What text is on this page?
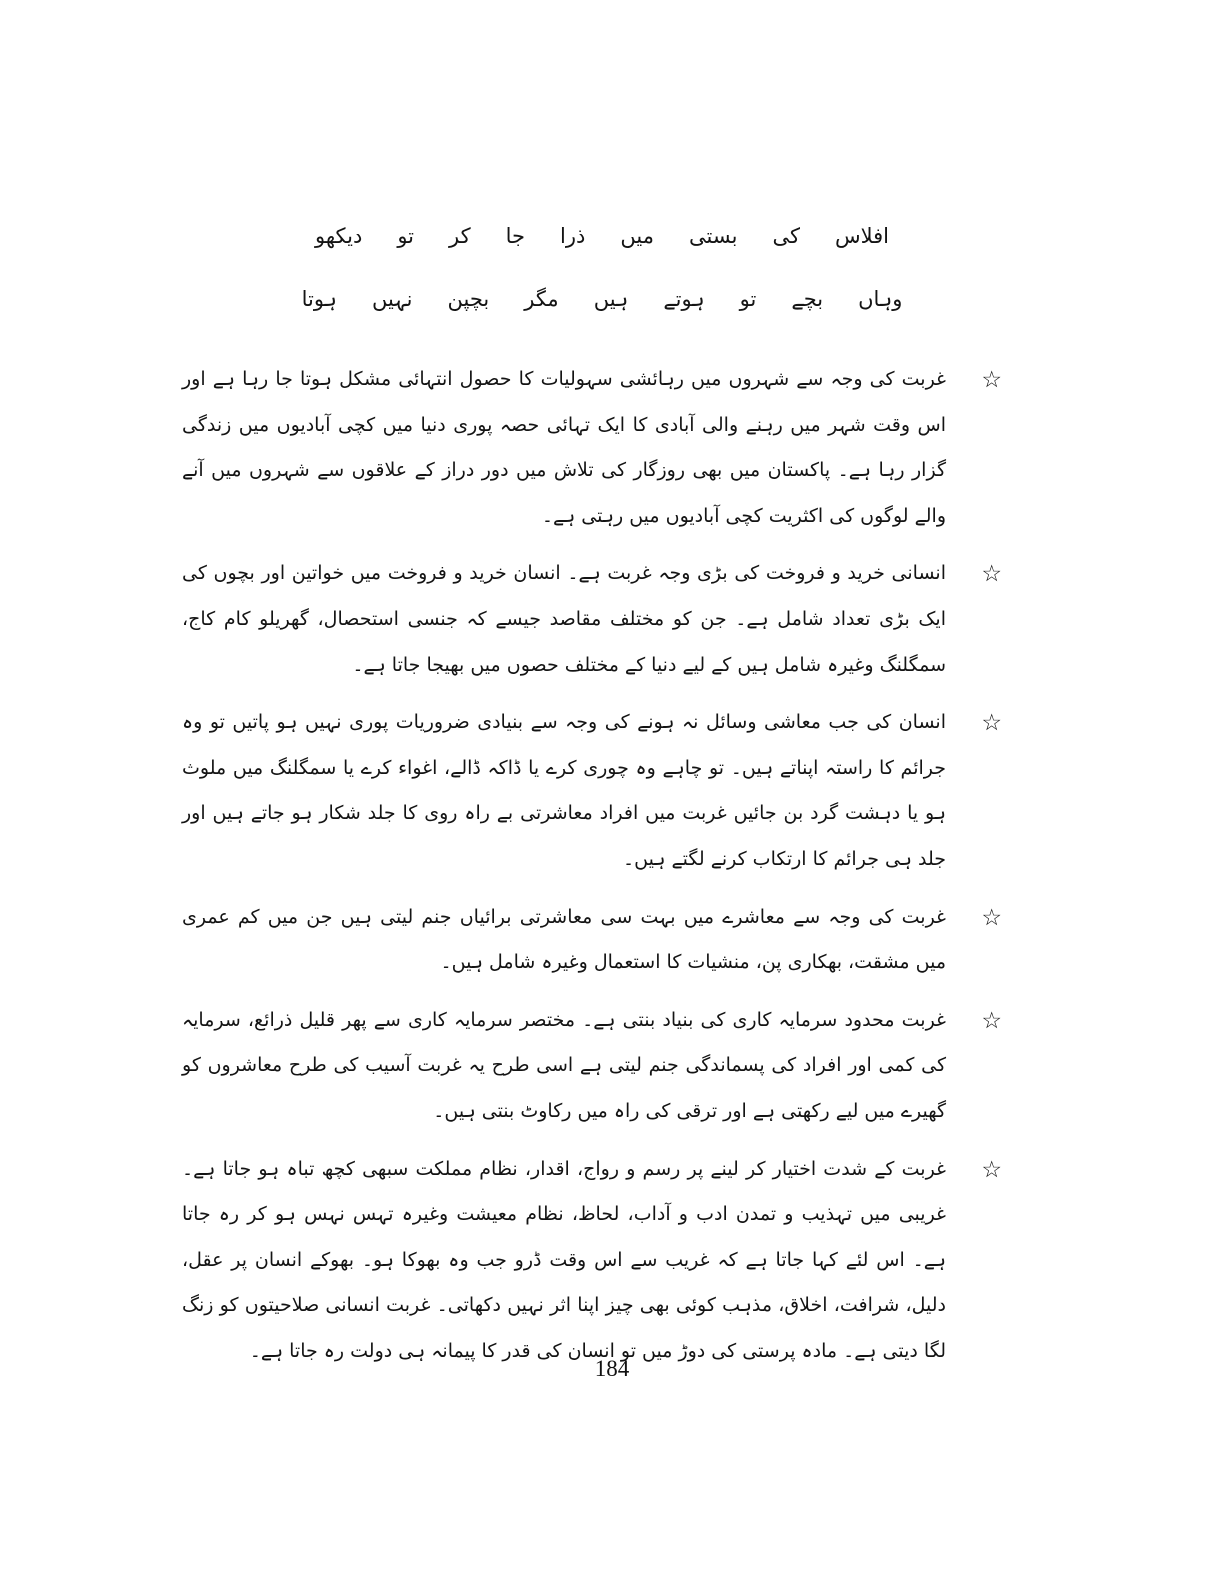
افلاس کی بستی میں ذرا جا کر تو دیکھو
وہاں بچے تو ہوتے ہیں مگر بچپن نہیں ہوتا
☆

غربت کی وجہ سے شہروں میں رہائشی سہولیات کا حصول انتہائی مشکل ہوتا جا رہا ہے اور اس وقت شہر میں رہنے والی آبادی کا ایک تہائی حصہ پوری دنیا میں کچی آبادیوں میں زندگی گزار رہا ہے۔ پاکستان میں بھی روزگار کی تلاش میں دور دراز کے علاقوں سے شہروں میں آنے والے لوگوں کی اکثریت کچی آبادیوں میں رہتی ہے۔

☆

انسانی خرید و فروخت کی بڑی وجہ غربت ہے۔ انسان خرید و فروخت میں خواتین اور بچوں کی ایک بڑی تعداد شامل ہے۔ جن کو مختلف مقاصد جیسے کہ جنسی استحصال، گھریلو کام کاج، سمگلنگ وغیرہ شامل ہیں کے لیے دنیا کے مختلف حصوں میں بھیجا جاتا ہے۔

☆

انسان کی جب معاشی وسائل نہ ہونے کی وجہ سے بنیادی ضروریات پوری نہیں ہو پاتیں تو وہ جرائم کا راستہ اپناتے ہیں۔ تو چاہے وہ چوری کرے یا ڈاکہ ڈالے، اغواء کرے یا سمگلنگ میں ملوث ہو یا دہشت گرد بن جائیں غربت میں افراد معاشرتی بے راہ روی کا جلد شکار ہو جاتے ہیں اور جلد ہی جرائم کا ارتکاب کرنے لگتے ہیں۔

☆

غربت کی وجہ سے معاشرے میں بہت سی معاشرتی برائیاں جنم لیتی ہیں جن میں کم عمری میں مشقت، بھکاری پن، منشیات کا استعمال وغیرہ شامل ہیں۔

☆

غربت محدود سرمایہ کاری کی بنیاد بنتی ہے۔ مختصر سرمایہ کاری سے پھر قلیل ذرائع، سرمایہ کی کمی اور افراد کی پسماندگی جنم لیتی ہے اسی طرح یہ غربت آسیب کی طرح معاشروں کو گھیرے میں لیے رکھتی ہے اور ترقی کی راہ میں رکاوٹ بنتی ہیں۔

☆

غربت کے شدت اختیار کر لینے پر رسم و رواج، اقدار، نظام مملکت سبھی کچھ تباہ ہو جاتا ہے۔ غریبی میں تہذیب و تمدن ادب و آداب، لحاظ، نظام معیشت وغیرہ تہس نہس ہو کر رہ جاتا ہے۔ اس لئے کہا جاتا ہے کہ غریب سے اس وقت ڈرو جب وہ بھوکا ہو۔ بھوکے انسان پر عقل، دلیل، شرافت، اخلاق، مذہب کوئی بھی چیز اپنا اثر نہیں دکھاتی۔ غربت انسانی صلاحیتوں کو زنگ لگا دیتی ہے۔ مادہ پرستی کی دوڑ میں تو انسان کی قدر کا پیمانہ ہی دولت رہ جاتا ہے۔

184
